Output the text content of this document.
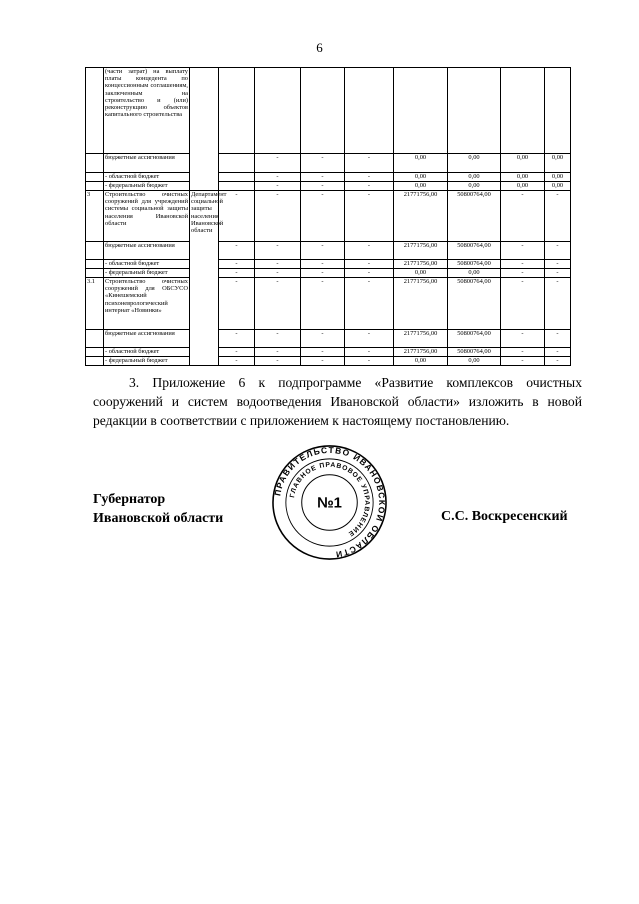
6
	(части затрат) на выплату платы концедента по концессионным соглашениям, заключенным на строительство и (или) реконструкцию объектов капитального строительства										
	бюджетные ассигнования			-	-	-	0,00	0,00	0,00	0,00	
	- областной бюджет			-	-	-	0,00	0,00	0,00	0,00	
	- федеральный бюджет			-	-	-	0,00	0,00	0,00	0,00	
3	Строительство очистных сооружений для учреждений системы социальной защиты населения Ивановской области	Департамент социальной защиты населения Ивановской области	-	-	-	-	21771756,00	50800764,00	-	-	
	бюджетные ассигнования		-	-	-	-	21771756,00	50800764,00	-	-	
	- областной бюджет		-	-	-	-	21771756,00	50800764,00	-	-	
	- федеральный бюджет		-	-	-	-	0,00	0,00	-	-	
3.1	Строительство очистных сооружений для ОБСУСО «Кинешемский психоневрологический интернат «Новинки»		-	-	-	-	21771756,00	50800764,00	-	-	
	бюджетные ассигнования		-	-	-	-	21771756,00	50800764,00	-	-	
	- областной бюджет		-	-	-	-	21771756,00	50800764,00	-	-	
	- федеральный бюджет		-	-	-	-	0,00	0,00	-	-	

3. Приложение 6 к подпрограмме «Развитие комплексов очистных сооружений и систем водоотведения Ивановской области» изложить в новой редакции в соответствии с приложением к настоящему постановлению.

Губернатор
Ивановской области
ПРАВИТЕЛЬСТВО ИВАНОВСКОЙ ОБЛАСТИ
ГЛАВНОЕ ПРАВОВОЕ УПРАВЛЕНИЕ
№1
С.С. Воскресенский
